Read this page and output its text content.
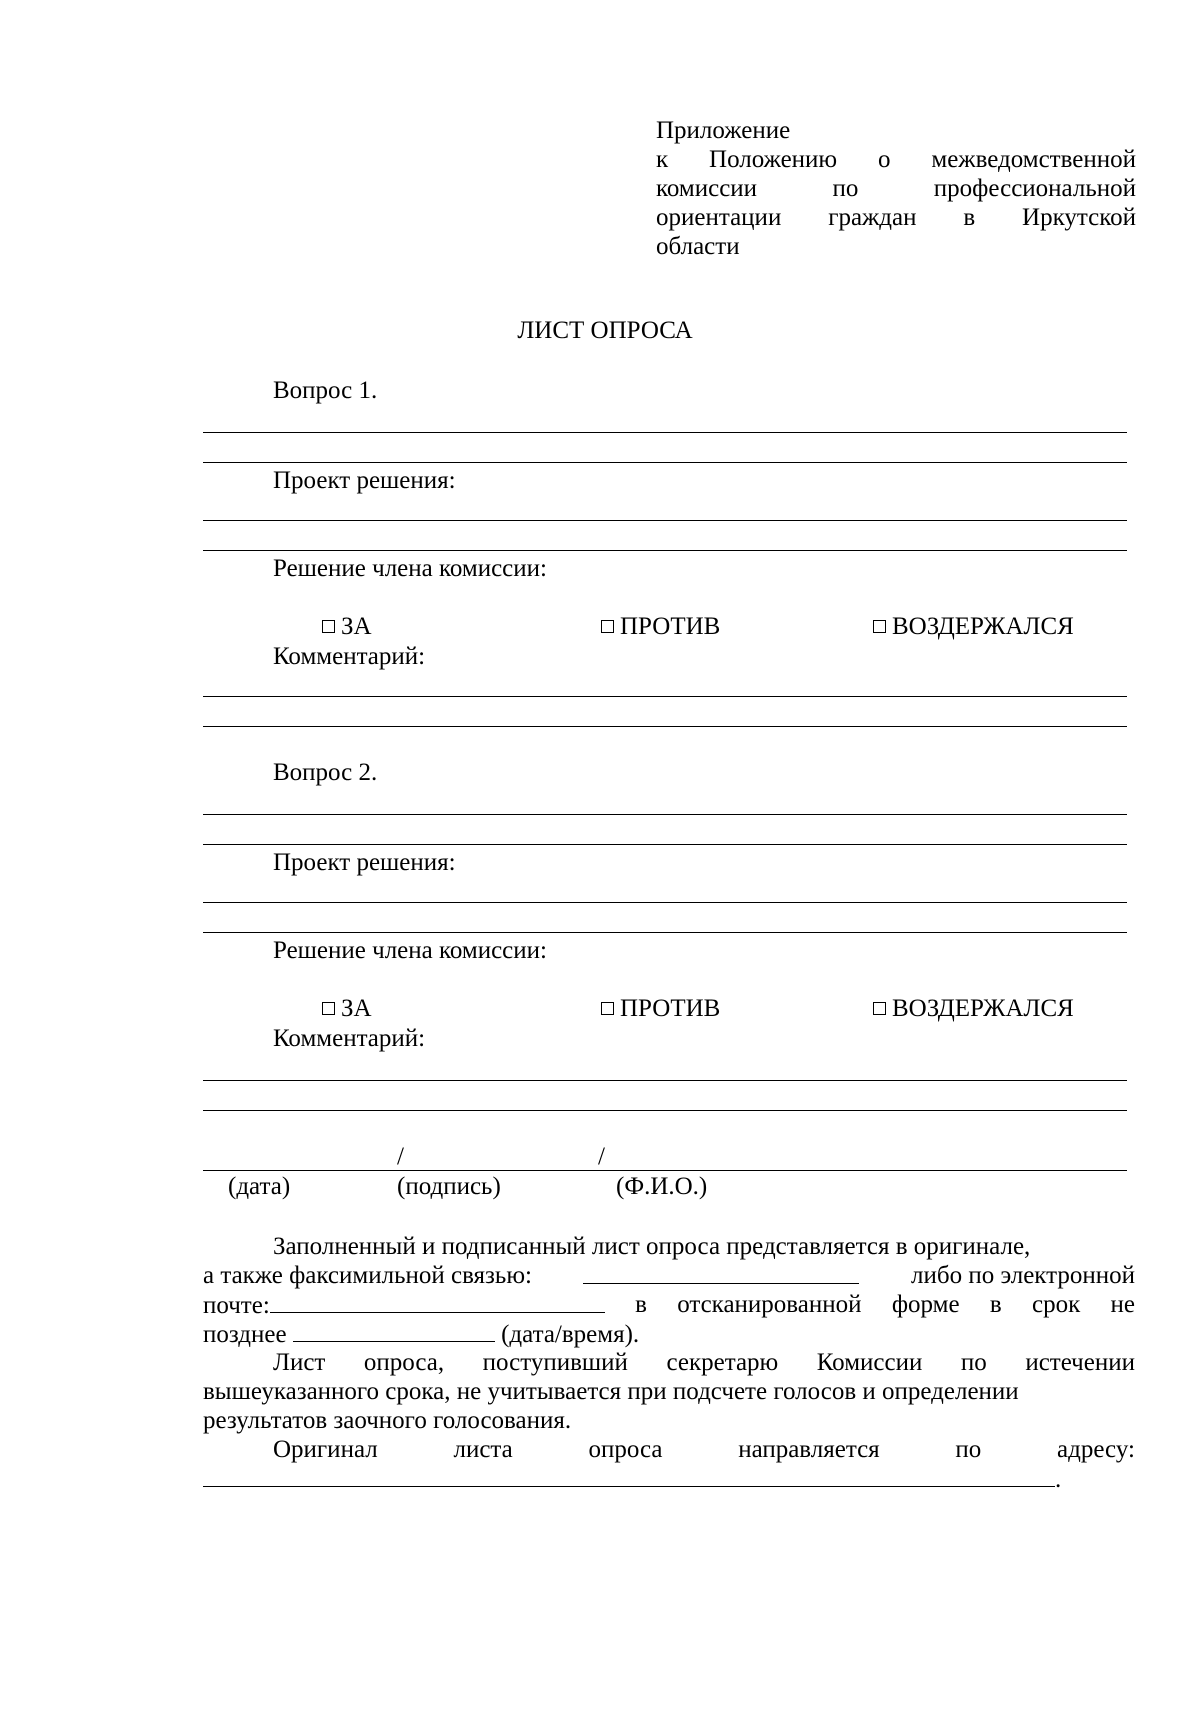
Приложение
к Положению о межведомственной
комиссии	по	профессиональной
ориентации граждан в Иркутской
области
ЛИСТ ОПРОСА
Вопрос 1.
Проект решения:
Решение члена комиссии:
ЗА	ПРОТИВ	ВОЗДЕРЖАЛСЯ
Комментарий:
Вопрос 2.
Проект решения:
Решение члена комиссии:
ЗА	ПРОТИВ	ВОЗДЕРЖАЛСЯ
Комментарий:
/	/
(дата)	(подпись)	(Ф.И.О.)
Заполненный и подписанный лист опроса представляется в оригинале,
а также факсимильной связью:	либо по электронной
почте:	в отсканированной форме в срок не
позднее	(дата/время).
Лист опроса, поступивший секретарю Комиссии по истечении
вышеуказанного срока, не учитывается при подсчете голосов и определении
результатов заочного голосования.
Оригинал	листа	опроса	направляется	по	адресу:
.
